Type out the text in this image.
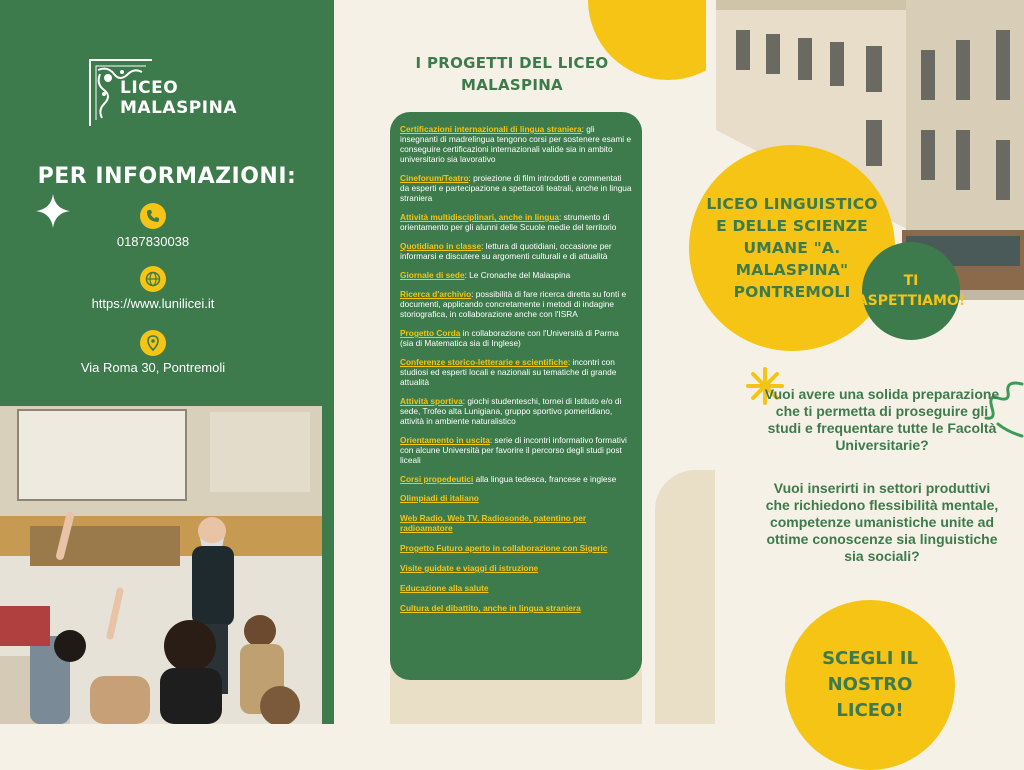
LICEO
MALASPINA
PER INFORMAZIONI:
0187830038
https://www.lunilicei.it
Via Roma 30, Pontremoli
I PROGETTI DEL LICEO MALASPINA
Certificazioni internazionali di lingua straniera: gli insegnanti di madrelingua tengono corsi per sostenere esami e conseguire certificazioni internazionali valide sia in ambito universitario sia lavorativo
Cineforum/Teatro: proiezione di film introdotti e commentati da esperti e partecipazione a spettacoli teatrali, anche in lingua straniera
Attività multidisciplinari, anche in lingua: strumento di orientamento per gli alunni delle Scuole medie del territorio
Quotidiano in classe: lettura di quotidiani, occasione per informarsi e discutere su argomenti culturali e di attualità
Giornale di sede: Le Cronache del Malaspina
Ricerca d'archivio: possibilità di fare ricerca diretta su fonti e documenti, applicando concretamente i metodi di indagine storiografica, in collaborazione anche con l'ISRA
Progetto Corda in collaborazione con l'Università di Parma (sia di Matematica sia di Inglese)
Conferenze storico-letterarie e scientifiche: incontri con studiosi ed esperti locali e nazionali su tematiche di grande attualità
Attività sportiva: giochi studenteschi, tornei di Istituto e/o di sede, Trofeo alta Lunigiana, gruppo sportivo pomeridiano, attività in ambiente naturalistico
Orientamento in uscita: serie di incontri informativo formativi con alcune Università per favorire il percorso degli studi post liceali
Corsi propedeutici alla lingua tedesca, francese e inglese
Olimpiadi di italiano
Web Radio, Web TV, Radiosonde, patentino per radioamatore
Progetto Futuro aperto in collaborazione con Sigeric
Visite guidate e viaggi di istruzione
Educazione alla salute
Cultura del dibattito, anche in lingua straniera
LICEO LINGUISTICO E DELLE SCIENZE UMANE "A. MALASPINA" PONTREMOLI
TI ASPETTIAMO!
Vuoi avere una solida preparazione che ti permetta di proseguire gli studi e frequentare tutte le Facoltà Universitarie?
Vuoi inserirti in settori produttivi che richiedono flessibilità mentale, competenze umanistiche unite ad ottime conoscenze sia linguistiche sia sociali?
SCEGLI IL NOSTRO LICEO!
